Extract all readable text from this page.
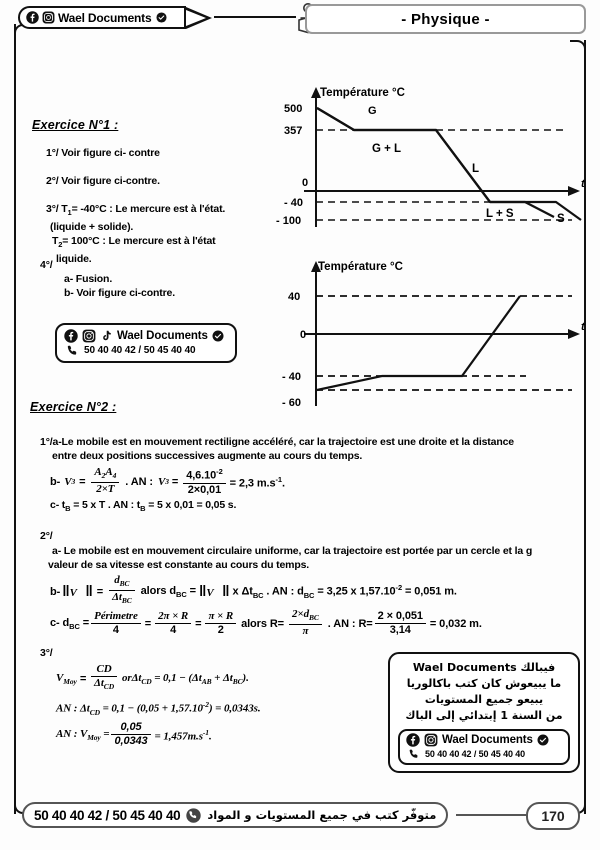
Wael Documents	- Physique -
Exercice N°1 :
1°/ Voir figure ci- contre
2°/ Voir figure ci-contre.
3°/ $T_1= -40^\circ C$ : Le mercure est à l'état.
(liquide + solide).
$T_2= 100^\circ C$ : Le mercure est à l'état
liquide.
4°/
a- Fusion.
b- Voir figure ci-contre.
Wael Documents
50 40 40 42 / 50 45 40 40
t
Température °C
500
357
0
- 40
- 100
G
G + L
L
L + S	S
t
Température °C
40
0
- 40
- 60
Exercice N°2 :
1°/a-Le mobile est en mouvement rectiligne accéléré, car la trajectoire est une droite et la distance
entre deux positions successives augmente au cours du temps.
b- V $3 = \frac{A_2A_4}{2\times T}$ . AN : V $3 = \frac{4,6.10^{-2}}{2\times 0,01} = 2,3$ $m.s^{-1}$.
c- $t_B = 5$ x T . AN : $t_B = 5$ x 0,01 = 0,05 s.
2°/
a- Le mobile est en mouvement circulaire uniforme, car la trajectoire est portée par un cercle et la g
valeur de sa vitesse est constante au cours du temps.
b- ‖V⃗‖ = $\frac{d_{BC}}{\Delta t_{BC}}$ alors $d_{BC}$ = ‖V⃗‖ x $\Delta t_{BC}$ . AN : $d_{BC} = 3,25$ x $1,57.10^{-2} = 0,051$ m.
c- $d_{BC} = \frac{\text{Périmetre}}{4} = \frac{2\pi \times R}{4} = \frac{\pi \times R}{2}$ alors $R= \frac{2\times d_{BC}}{\pi}$ . AN : $R= \frac{2 \times 0,051}{3,14} = 0,032$ m.
3°/
$V_{Moy} = \frac{CD}{\Delta t_{CD}} or\Delta t_{CD} = 0,1 - (\Delta t_{AB} + \Delta t_{BC})$.
AN : $\Delta t_{CD} = 0,1 - (0,05 + 1,57.10^{-2}) = 0,0343s$.
AN : $V_{Moy} = \frac{0,05}{0,0343} = 1,457m.s^{-1}$.
فيبالك Wael Documents
ما يبيعوش كان كتب باكالوريا
يبيعو جميع المستويات
من السنة 1 إبتدائي إلى الباك
Wael Documents
50 40 40 42 / 50 45 40 40
متوفّر كتب في جميع المستويات و المواد
50 40 40 42 / 50 45 40 40	170
